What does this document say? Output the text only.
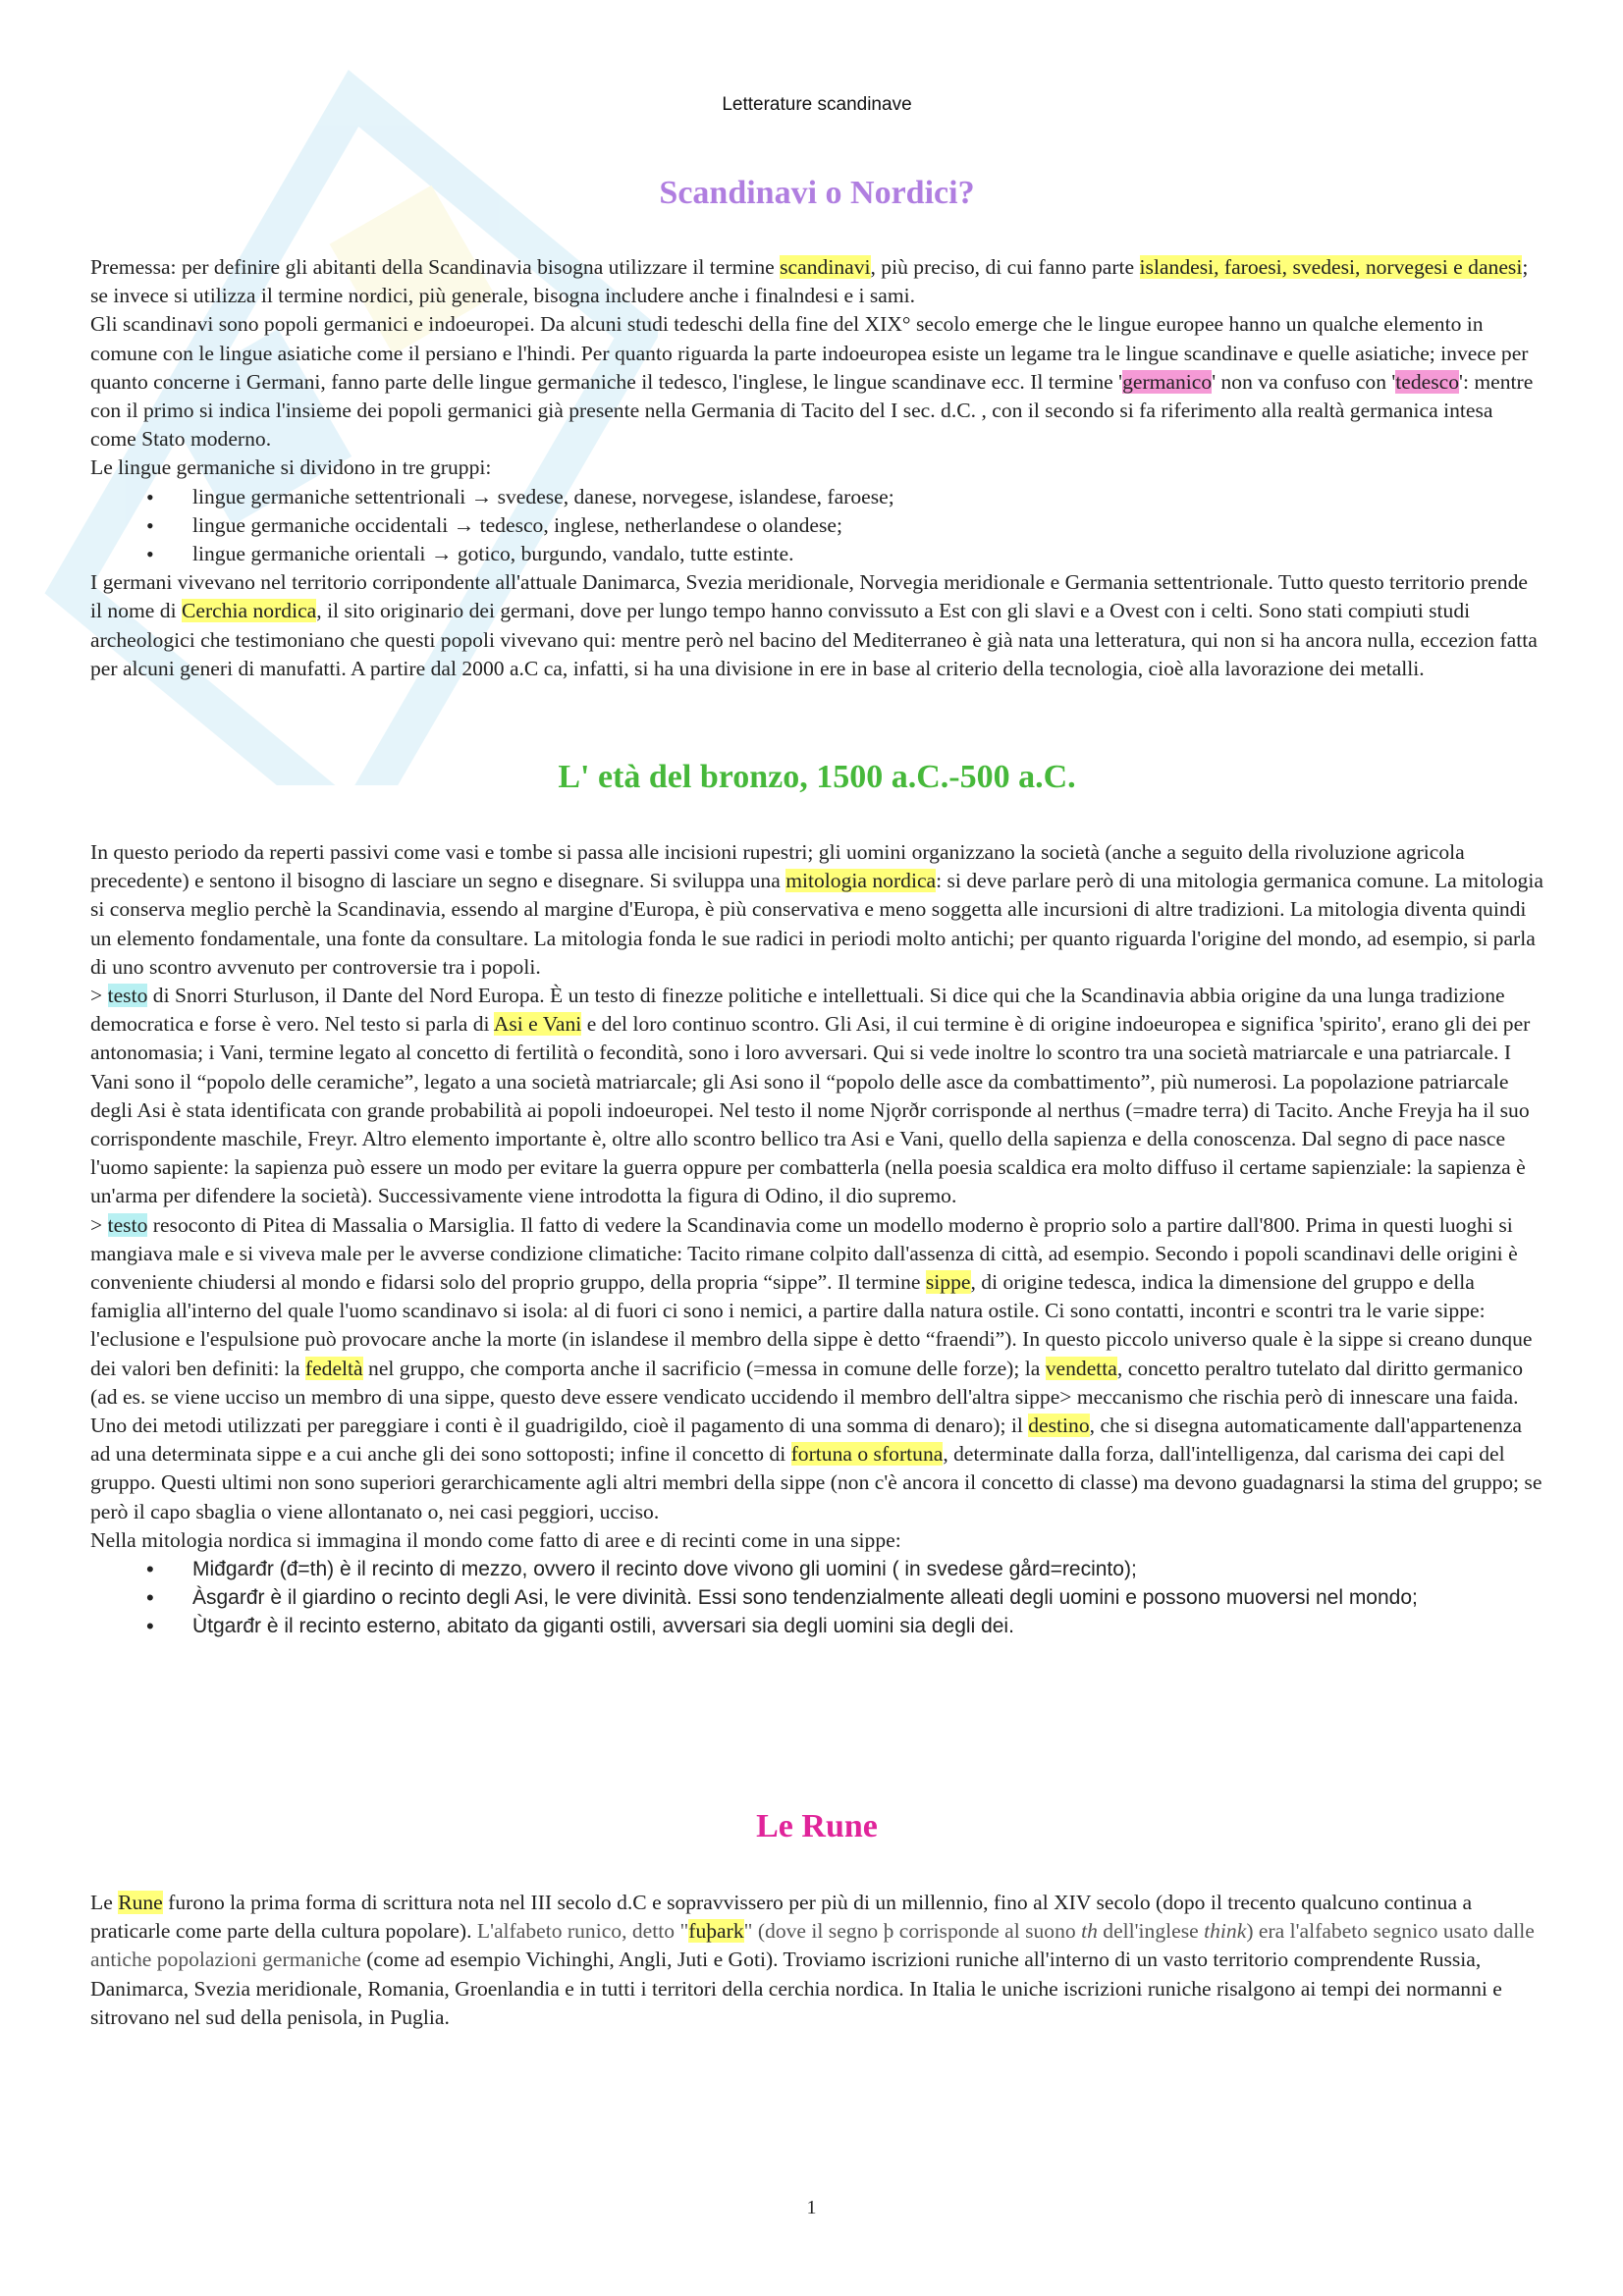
Letterature scandinave
Scandinavi o Nordici?

Premessa: per definire gli abitanti della Scandinavia bisogna utilizzare il termine scandinavi, più preciso, di cui fanno parte islandesi, faroesi, svedesi, norvegesi e danesi; se invece si utilizza il termine nordici, più generale, bisogna includere anche i finalndesi e i sami.

Gli scandinavi sono popoli germanici e indoeuropei. Da alcuni studi tedeschi della fine del XIX° secolo emerge che le lingue europee hanno un qualche elemento in comune con le lingue asiatiche come il persiano e l'hindi. Per quanto riguarda la parte indoeuropea esiste un legame tra le lingue scandinave e quelle asiatiche; invece per quanto concerne i Germani, fanno parte delle lingue germaniche il tedesco, l'inglese, le lingue scandinave ecc. Il termine 'germanico' non va confuso con 'tedesco': mentre con il primo si indica l'insieme dei popoli germanici già presente nella Germania di Tacito del I sec. d.C. , con il secondo si fa riferimento alla realtà germanica intesa come Stato moderno.

Le lingue germaniche si dividono in tre gruppi:

• lingue germaniche settentrionali → svedese, danese, norvegese, islandese, faroese;
• lingue germaniche occidentali → tedesco, inglese, netherlandese o olandese;
• lingue germaniche orientali → gotico, burgundo, vandalo, tutte estinte.

I germani vivevano nel territorio corripondente all'attuale Danimarca, Svezia meridionale, Norvegia meridionale e Germania settentrionale. Tutto questo territorio prende il nome di Cerchia nordica, il sito originario dei germani, dove per lungo tempo hanno convissuto a Est con gli slavi e a Ovest con i celti. Sono stati compiuti studi archeologici che testimoniano che questi popoli vivevano qui: mentre però nel bacino del Mediterraneo è già nata una letteratura, qui non si ha ancora nulla, eccezion fatta per alcuni generi di manufatti. A partire dal 2000 a.C ca, infatti, si ha una divisione in ere in base al criterio della tecnologia, cioè alla lavorazione dei metalli.

L' età del bronzo, 1500 a.C.-500 a.C.

In questo periodo da reperti passivi come vasi e tombe si passa alle incisioni rupestri; gli uomini organizzano la società (anche a seguito della rivoluzione agricola precedente) e sentono il bisogno di lasciare un segno e disegnare. Si sviluppa una mitologia nordica: si deve parlare però di una mitologia germanica comune. La mitologia si conserva meglio perchè la Scandinavia, essendo al margine d'Europa, è più conservativa e meno soggetta alle incursioni di altre tradizioni. La mitologia diventa quindi un elemento fondamentale, una fonte da consultare. La mitologia fonda le sue radici in periodi molto antichi; per quanto riguarda l'origine del mondo, ad esempio, si parla di uno scontro avvenuto per controversie tra i popoli.

> testo di Snorri Sturluson, il Dante del Nord Europa. È un testo di finezze politiche e intellettuali. Si dice qui che la Scandinavia abbia origine da una lunga tradizione democratica e forse è vero. Nel testo si parla di Asi e Vani e del loro continuo scontro. Gli Asi, il cui termine è di origine indoeuropea e significa 'spirito', erano gli dei per antonomasia; i Vani, termine legato al concetto di fertilità o fecondità, sono i loro avversari. Qui si vede inoltre lo scontro tra una società matriarcale e una patriarcale. I Vani sono il “popolo delle ceramiche”, legato a una società matriarcale; gli Asi sono il “popolo delle asce da combattimento”, più numerosi. La popolazione patriarcale degli Asi è stata identificata con grande probabilità ai popoli indoeuropei. Nel testo il nome Njǫrðr corrisponde al nerthus (=madre terra) di Tacito. Anche Freyja ha il suo corrispondente maschile, Freyr. Altro elemento importante è, oltre allo scontro bellico tra Asi e Vani, quello della sapienza e della conoscenza. Dal segno di pace nasce l'uomo sapiente: la sapienza può essere un modo per evitare la guerra oppure per combatterla (nella poesia scaldica era molto diffuso il certame sapienziale: la sapienza è un'arma per difendere la società). Successivamente viene introdotta la figura di Odino, il dio supremo.

> testo resoconto di Pitea di Massalia o Marsiglia. Il fatto di vedere la Scandinavia come un modello moderno è proprio solo a partire dall'800. Prima in questi luoghi si mangiava male e si viveva male per le avverse condizione climatiche: Tacito rimane colpito dall'assenza di città, ad esempio. Secondo i popoli scandinavi delle origini è conveniente chiudersi al mondo e fidarsi solo del proprio gruppo, della propria “sippe”. Il termine sippe, di origine tedesca, indica la dimensione del gruppo e della famiglia all'interno del quale l'uomo scandinavo si isola: al di fuori ci sono i nemici, a partire dalla natura ostile. Ci sono contatti, incontri e scontri tra le varie sippe: l'eclusione e l'espulsione può provocare anche la morte (in islandese il membro della sippe è detto “fraendi”). In questo piccolo universo quale è la sippe si creano dunque dei valori ben definiti: la fedeltà nel gruppo, che comporta anche il sacrificio (=messa in comune delle forze); la vendetta, concetto peraltro tutelato dal diritto germanico (ad es. se viene ucciso un membro di una sippe, questo deve essere vendicato uccidendo il membro dell'altra sippe> meccanismo che rischia però di innescare una faida. Uno dei metodi utilizzati per pareggiare i conti è il guadrigildo, cioè il pagamento di una somma di denaro); il destino, che si disegna automaticamente dall'appartenenza ad una determinata sippe e a cui anche gli dei sono sottoposti; infine il concetto di fortuna o sfortuna, determinate dalla forza, dall'intelligenza, dal carisma dei capi del gruppo. Questi ultimi non sono superiori gerarchicamente agli altri membri della sippe (non c'è ancora il concetto di classe) ma devono guadagnarsi la stima del gruppo; se però il capo sbaglia o viene allontanato o, nei casi peggiori, ucciso.

Nella mitologia nordica si immagina il mondo come fatto di aree e di recinti come in una sippe:

• Miđgarđr (đ=th) è il recinto di mezzo, ovvero il recinto dove vivono gli uomini ( in svedese gård=recinto);
• Àsgarđr è il giardino o recinto degli Asi, le vere divinità. Essi sono tendenzialmente alleati degli uomini e possono muoversi nel mondo;
• Ùtgarđr è il recinto esterno, abitato da giganti ostili, avversari sia degli uomini sia degli dei.
Le Rune

Le Rune furono la prima forma di scrittura nota nel III secolo d.C e sopravvissero per più di un millennio, fino al XIV secolo (dopo il trecento qualcuno continua a praticarle come parte della cultura popolare). L'alfabeto runico, detto "fuþark" (dove il segno þ corrisponde al suono th dell'inglese think) era l'alfabeto segnico usato dalle antiche popolazioni germaniche (come ad esempio Vichinghi, Angli, Juti e Goti). Troviamo iscrizioni runiche all'interno di un vasto territorio comprendente Russia, Danimarca, Svezia meridionale, Romania, Groenlandia e in tutti i territori della cerchia nordica. In Italia le uniche iscrizioni runiche risalgono ai tempi dei normanni e sitrovano nel sud della penisola, in Puglia.

1
